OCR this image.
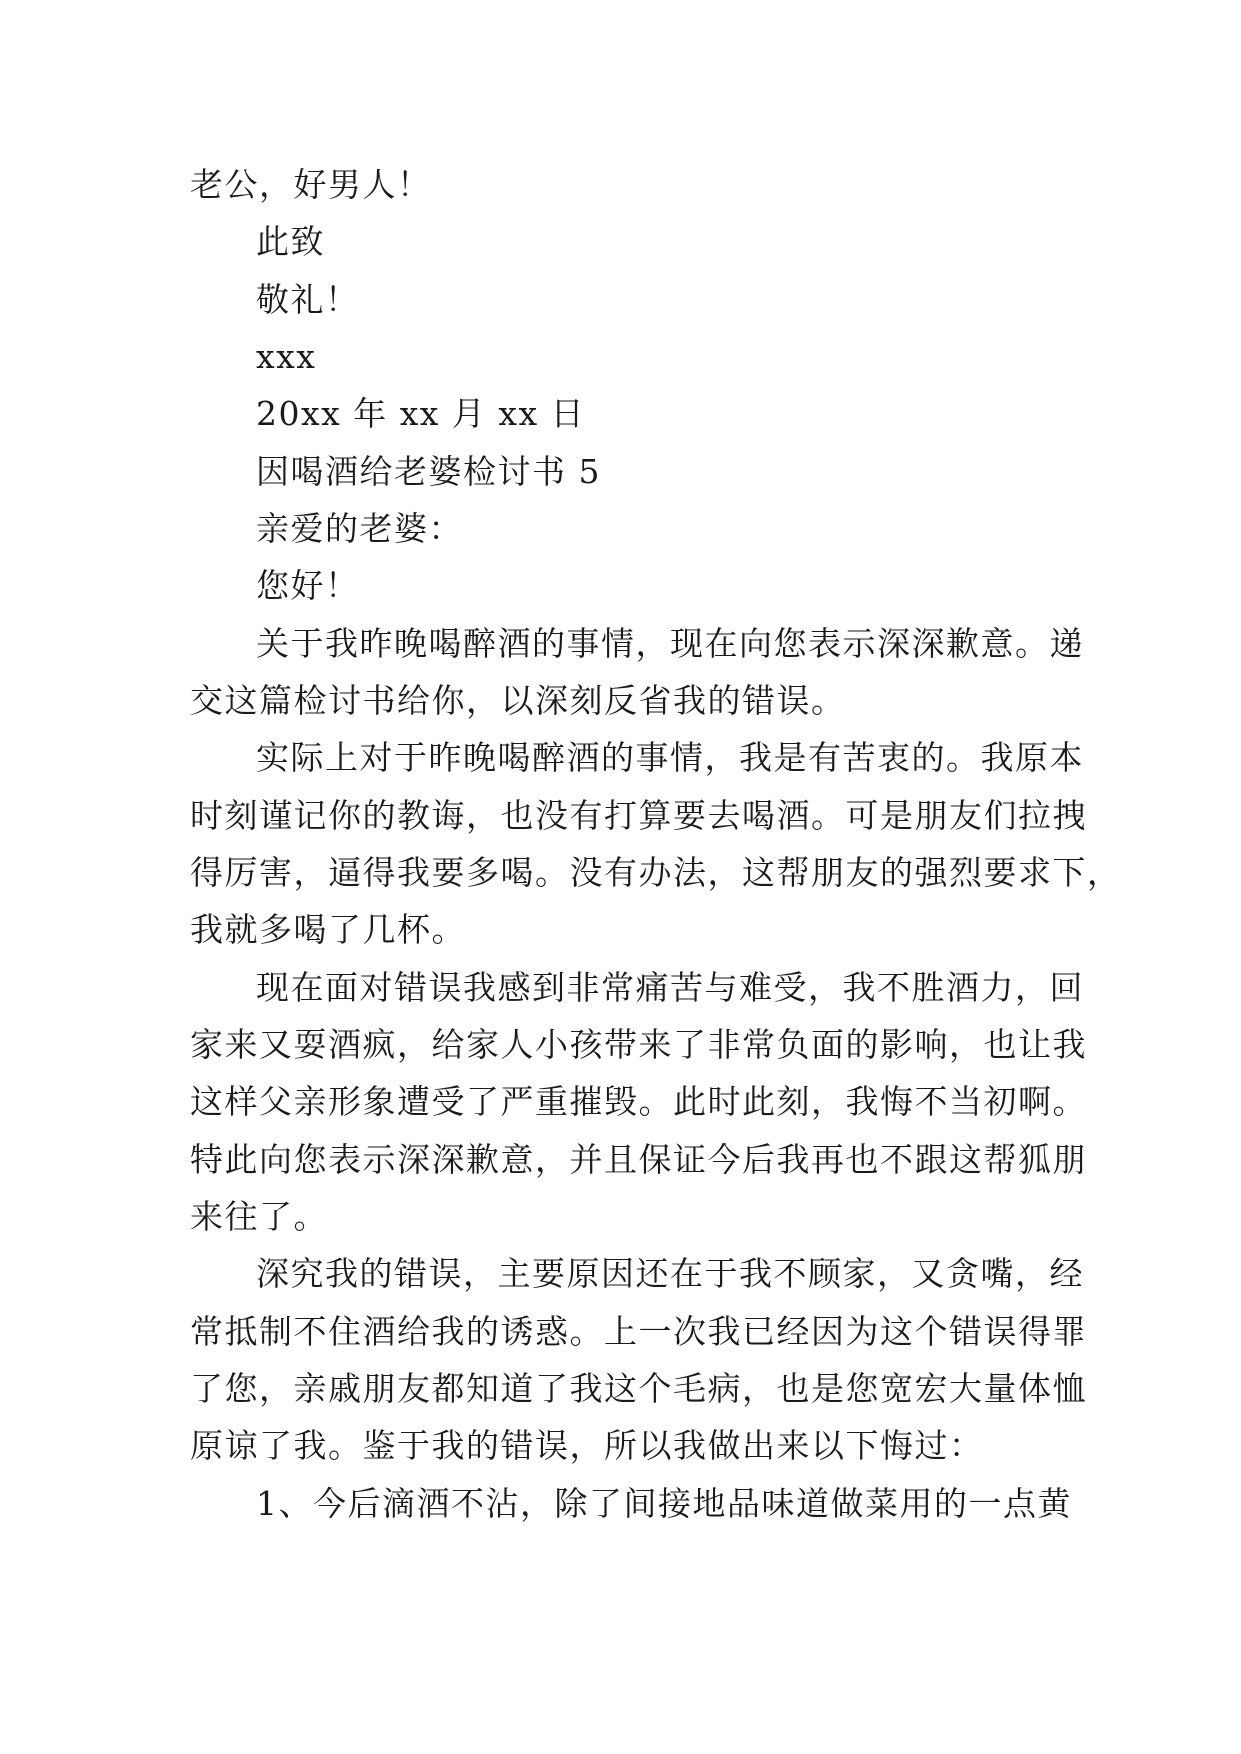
老公，好男人！
此致
敬礼！
xxx
20xx 年 xx 月 xx 日
因喝酒给老婆检讨书 5
亲爱的老婆：
您好！
关于我昨晚喝醉酒的事情，现在向您表示深深歉意。递
交这篇检讨书给你，以深刻反省我的错误。
实际上对于昨晚喝醉酒的事情，我是有苦衷的。我原本
时刻谨记你的教诲，也没有打算要去喝酒。可是朋友们拉拽
得厉害，逼得我要多喝。没有办法，这帮朋友的强烈要求下，
我就多喝了几杯。
现在面对错误我感到非常痛苦与难受，我不胜酒力，回
家来又耍酒疯，给家人小孩带来了非常负面的影响，也让我
这样父亲形象遭受了严重摧毁。此时此刻，我悔不当初啊。
特此向您表示深深歉意，并且保证今后我再也不跟这帮狐朋
来往了。
深究我的错误，主要原因还在于我不顾家，又贪嘴，经
常抵制不住酒给我的诱惑。上一次我已经因为这个错误得罪
了您，亲戚朋友都知道了我这个毛病，也是您宽宏大量体恤
原谅了我。鉴于我的错误，所以我做出来以下悔过：
1、今后滴酒不沾，除了间接地品味道做菜用的一点黄
